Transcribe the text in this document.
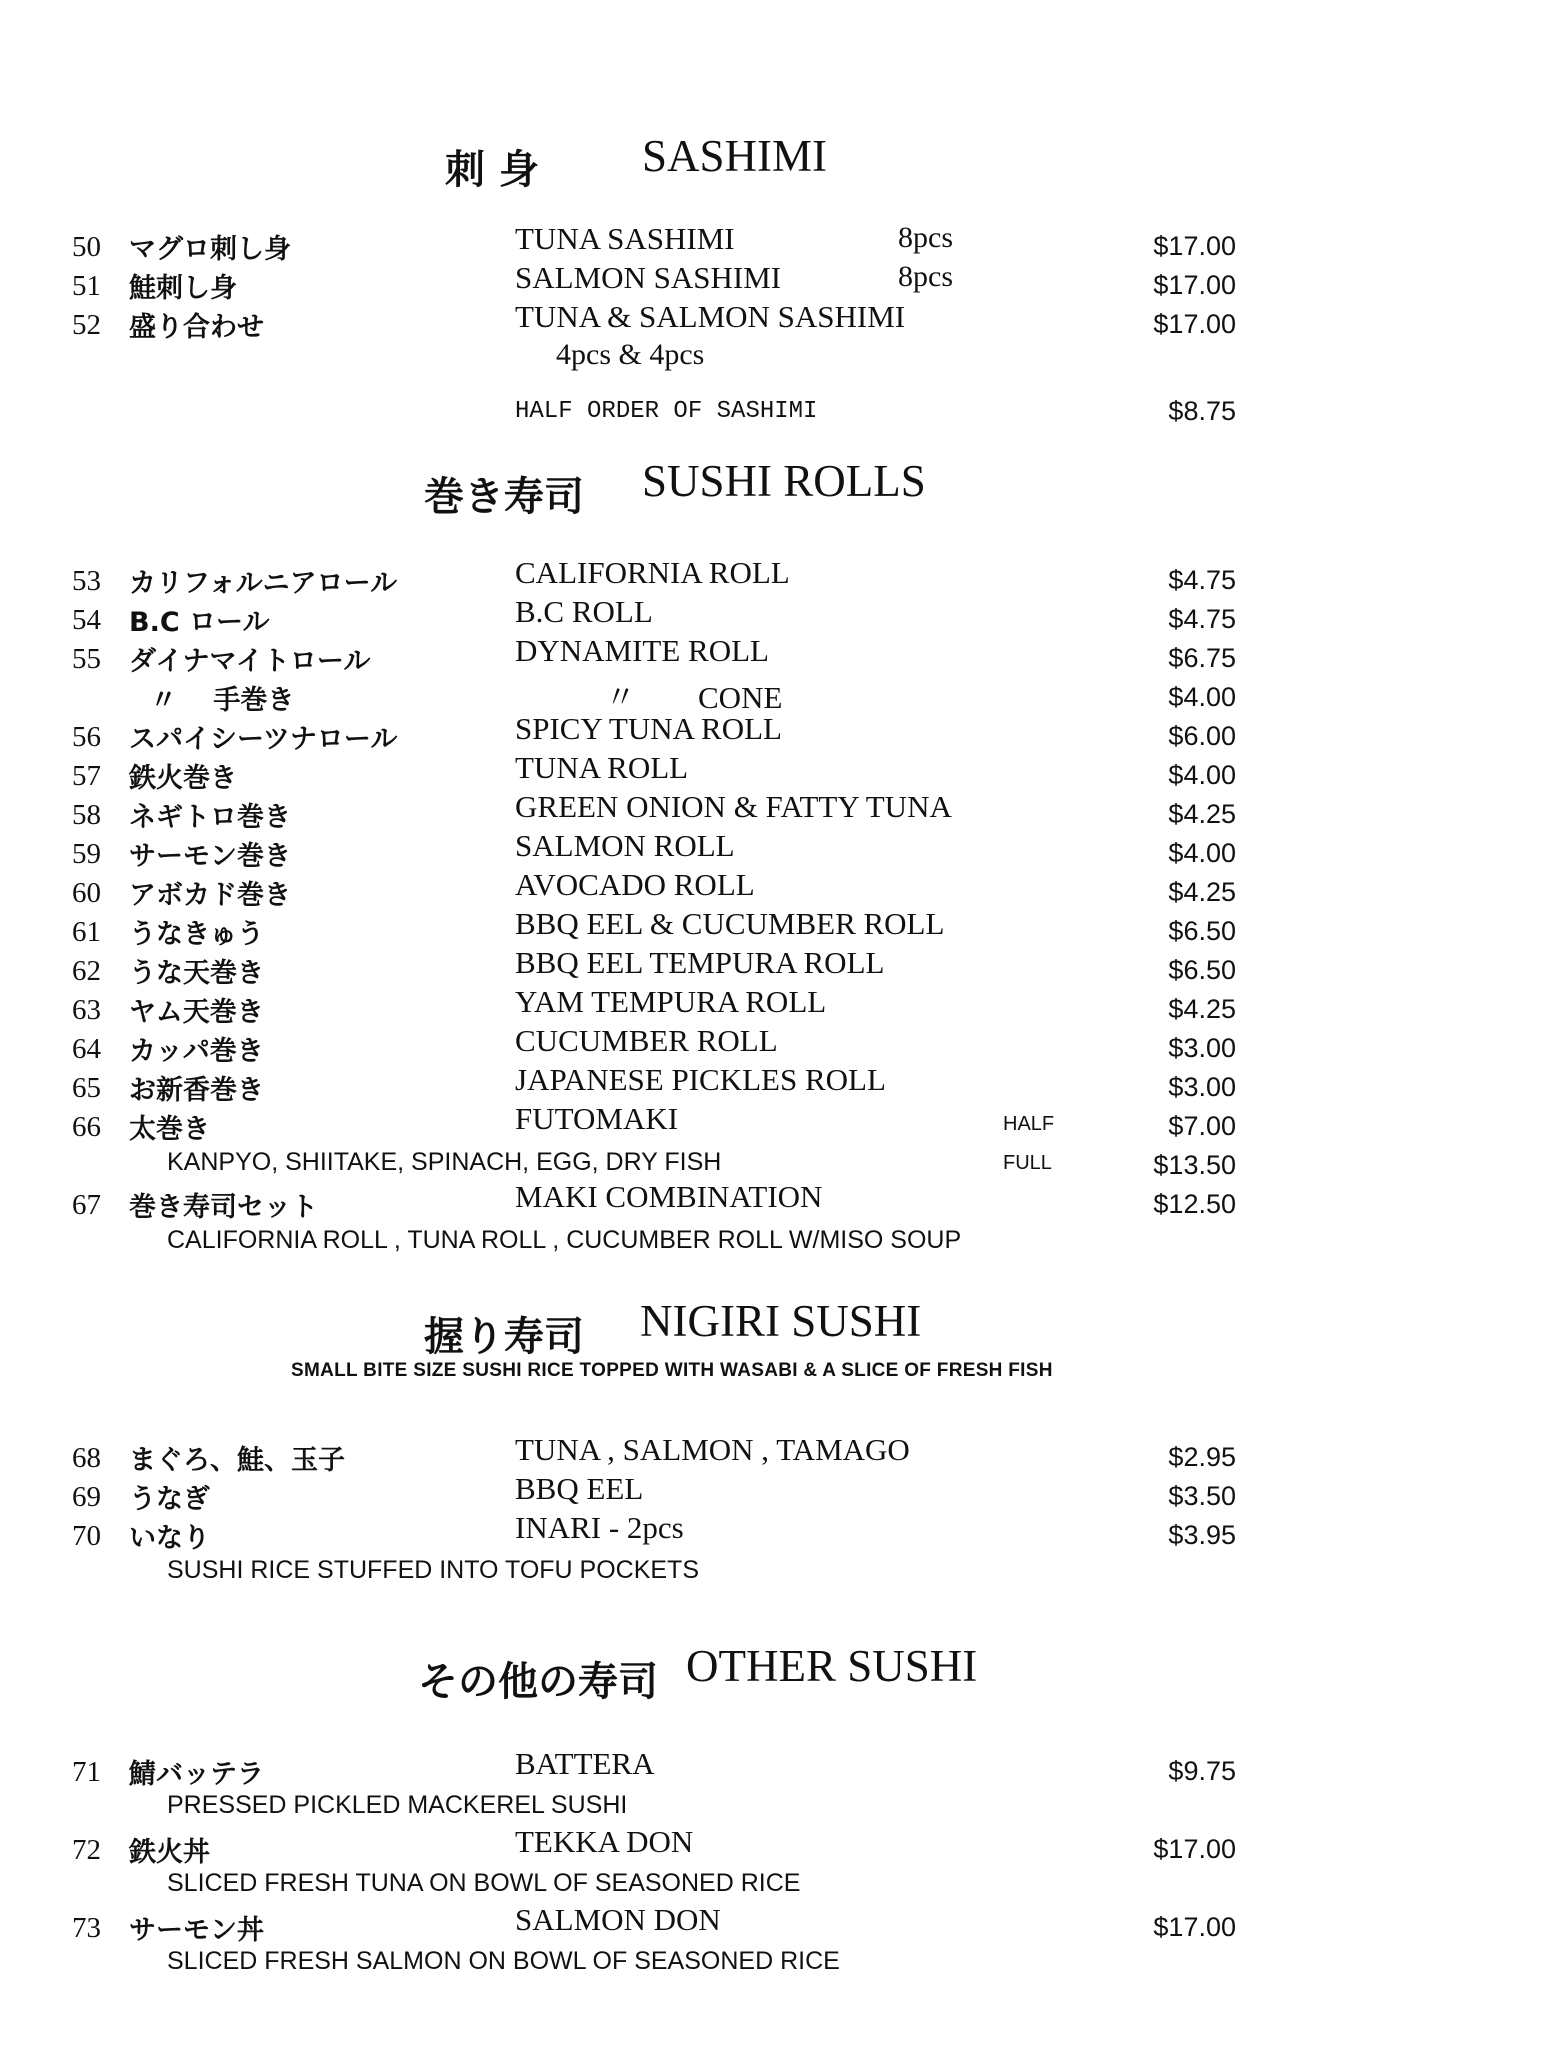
刺 身 SASHIMI
50 マグロ刺し身	TUNA SASHIMI	8pcs	$17.00
51 鮭刺し身	SALMON SASHIMI	8pcs	$17.00
52 盛り合わせ	TUNA & SALMON SASHIMI	$17.00
4pcs & 4pcs
HALF ORDER OF SASHIMI	$8.75
巻き寿司 SUSHI ROLLS
53 カリフォルニアロール	CALIFORNIA ROLL	$4.75
54 B.C ロール	B.C ROLL	$4.75
55 ダイナマイトロール	DYNAMITE ROLL	$6.75
〃　 手巻き	〃　　CONE	$4.00
56 スパイシーツナロール	SPICY TUNA ROLL	$6.00
57 鉄火巻き	TUNA ROLL	$4.00
58 ネギトロ巻き	GREEN ONION & FATTY TUNA	$4.25
59 サーモン巻き	SALMON ROLL	$4.00
60 アボカド巻き	AVOCADO ROLL	$4.25
61 うなきゅう	BBQ EEL & CUCUMBER ROLL	$6.50
62 うな天巻き	BBQ EEL TEMPURA ROLL	$6.50
63 ヤム天巻き	YAM TEMPURA ROLL	$4.25
64 カッパ巻き	CUCUMBER ROLL	$3.00
65 お新香巻き	JAPANESE PICKLES ROLL	$3.00
66 太巻き	FUTOMAKI	HALF	$7.00
KANPYO, SHIITAKE, SPINACH, EGG, DRY FISH	FULL	$13.50
67 巻き寿司セット	MAKI COMBINATION	$12.50
CALIFORNIA ROLL , TUNA ROLL , CUCUMBER ROLL W/MISO SOUP
握り寿司 NIGIRI SUSHI
SMALL BITE SIZE SUSHI RICE TOPPED WITH WASABI & A SLICE OF FRESH FISH
68 まぐろ、鮭、玉子	TUNA , SALMON , TAMAGO	$2.95
69 うなぎ	BBQ EEL	$3.50
70 いなり	INARI - 2pcs	$3.95
SUSHI RICE STUFFED INTO TOFU POCKETS
その他の寿司 OTHER SUSHI
71 鯖バッテラ	BATTERA	$9.75
PRESSED PICKLED MACKEREL SUSHI
72 鉄火丼	TEKKA DON	$17.00
SLICED FRESH TUNA ON BOWL OF SEASONED RICE
73 サーモン丼	SALMON DON	$17.00
SLICED FRESH SALMON ON BOWL OF SEASONED RICE
